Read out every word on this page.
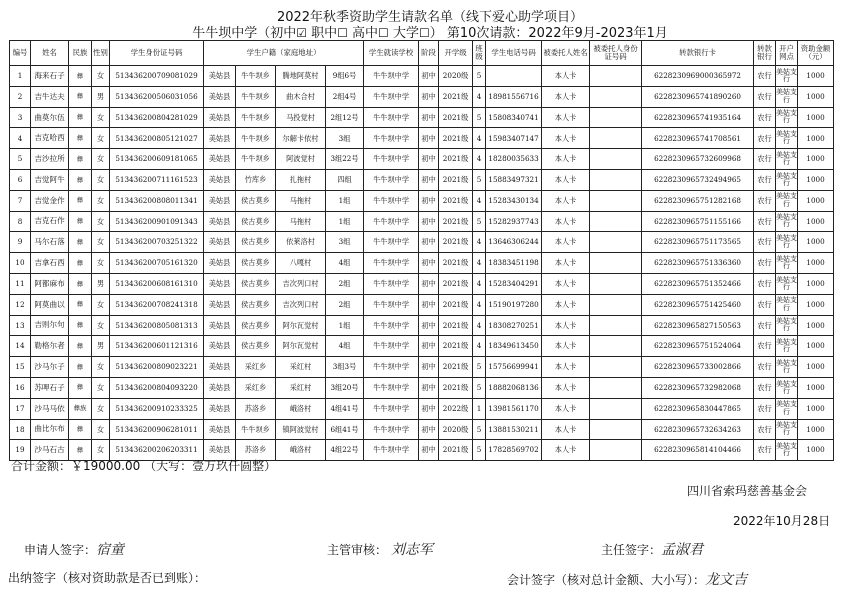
2022年秋季资助学生请款名单（线下爱心助学项目）
牛牛坝中学（初中☑ 职中☐ 高中☐ 大学☐） 第10次请款：2022年9月-2023年1月
编号	姓名	民族	性别	学生身份证号码	学生户籍（家庭地址）				学生就读学校	阶段	开学级	班级	学生电话号码	被委托人姓名	被委托人身份证号码	转款银行卡	转款银行	开户网点	资助金额（元）
1	海来石子	彝	女	513436200709081029	美姑县	牛牛坝乡	腾地阿莫村	9组6号	牛牛坝中学	初中	2020级	5		本人卡		6228230969000365972	农行	美姑支行	1000
2	吉牛达夫	彝	男	513436200506031056	美姑县	牛牛坝乡	曲木合村	2组4号	牛牛坝中学	初中	2021级	4	18981556716	本人卡		6228230965741890260	农行	美姑支行	1000
3	曲莫尔伍	彝	女	513436200804281029	美姑县	牛牛坝乡	马投觉村	2组12号	牛牛坝中学	初中	2021级	5	15808340741	本人卡		6228230965741935164	农行	美姑支行	1000
4	吉克哈西	彝	女	513436200805121027	美姑县	牛牛坝乡	尔解卡依村	3组	牛牛坝中学	初中	2021级	4	15983407147	本人卡		6228230965741708561	农行	美姑支行	1000
5	吉沙拉所	彝	女	513436200609181065	美姑县	牛牛坝乡	阿波觉村	3组22号	牛牛坝中学	初中	2021级	4	18280035633	本人卡		6228230965732609968	农行	美姑支行	1000
6	吉觉阿牛	彝	女	513436200711161523	美姑县	竹库乡	扎拖村	四组	牛牛坝中学	初中	2021级	5	15883497321	本人卡		6228230965732494965	农行	美姑支行	1000
7	吉觉金作	彝	女	513436200808011341	美姑县	侯古莫乡	马拖村	1组	牛牛坝中学	初中	2021级	4	15283430134	本人卡		6228230965751282168	农行	美姑支行	1000
8	吉克石作	彝	女	513436200901091343	美姑县	侯古莫乡	马拖村	1组	牛牛坝中学	初中	2021级	5	15282937743	本人卡		6228230965751155166	农行	美姑支行	1000
9	马尔石落	彝	女	513436200703251322	美姑县	侯古莫乡	依莱洛村	3组	牛牛坝中学	初中	2021级	4	13646306244	本人卡		6228230965751173565	农行	美姑支行	1000
10	吉拿石西	彝	女	513436200705161320	美姑县	侯古莫乡	八嘎村	4组	牛牛坝中学	初中	2021级	4	18383451198	本人卡		6228230965751336360	农行	美姑支行	1000
11	阿都麻布	彝	男	513436200608161310	美姑县	侯古莫乡	吉次列口村	2组	牛牛坝中学	初中	2021级	4	15283404291	本人卡		6228230965751352466	农行	美姑支行	1000
12	阿莫曲以	彝	女	513436200708241318	美姑县	侯古莫乡	吉次列口村	2组	牛牛坝中学	初中	2021级	4	15190197280	本人卡		6228230965751425460	农行	美姑支行	1000
13	吉则尔句	彝	女	513436200805081313	美姑县	侯古莫乡	阿尔瓦觉村	1组	牛牛坝中学	初中	2021级	4	18308270251	本人卡		6228230965827150563	农行	美姑支行	1000
14	勒格尔者	彝	男	513436200601121316	美姑县	侯古莫乡	阿尔瓦觉村	4组	牛牛坝中学	初中	2021级	4	18349613450	本人卡		6228230965751524064	农行	美姑支行	1000
15	沙马尔子	彝	女	513436200809023221	美姑县	采红乡	采红村	3组3号	牛牛坝中学	初中	2021级	5	15756699941	本人卡		6228230965733002866	农行	美姑支行	1000
16	苏呷石子	彝	女	513436200804093220	美姑县	采红乡	采红村	3组20号	牛牛坝中学	初中	2021级	5	18882068136	本人卡		6228230965732982068	农行	美姑支行	1000
17	沙马马依	彝族	女	513436200910233325	美姑县	苏洛乡	峨洛村	4组41号	牛牛坝中学	初中	2022级	1	13981561170	本人卡		6228230965830447865	农行	美姑支行	1000
18	曲比尔布	彝	女	513436200906281011	美姑县	牛牛坝乡	镇阿波觉村	6组41号	牛牛坝中学	初中	2020级	5	13881530211	本人卡		6228230965732634263	农行	美姑支行	1000
19	沙马石古	彝	女	513436200206203311	美姑县	苏洛乡	峨洛村	4组22号	牛牛坝中学	初中	2021级	5	17828569702	本人卡		6228230965814104466	农行	美姑支行	1000
合计金额：￥19000.00 （大写：壹万玖仟圆整）
四川省索玛慈善基金会
2022年10月28日
申请人签字：宿童	主管审核： 刘志军	主任签字：孟淑君
出纳签字（核对资助款是否已到账）：	会计签字（核对总计金额、大小写）：龙文吉
